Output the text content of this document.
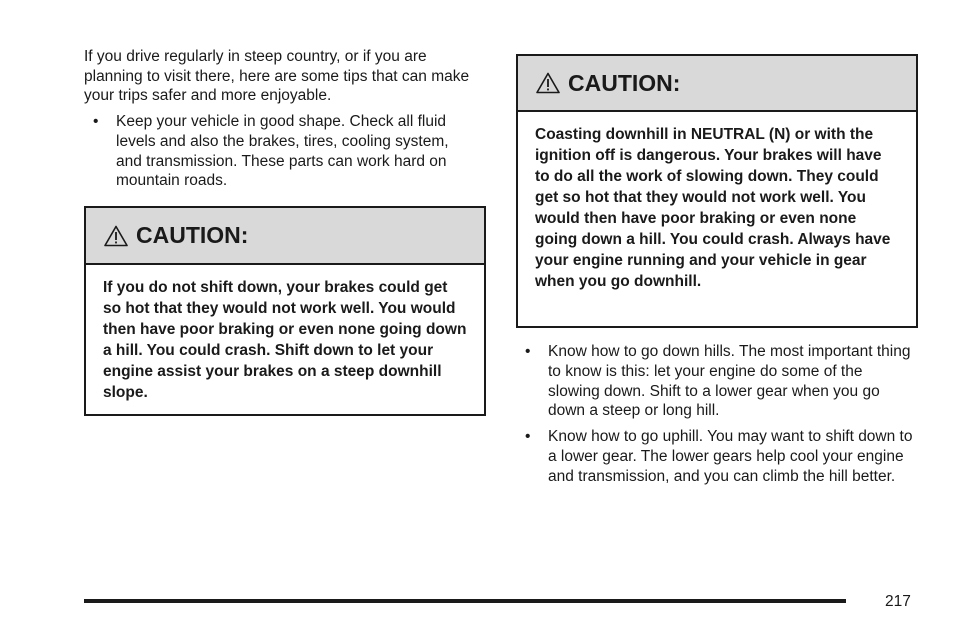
If you drive regularly in steep country, or if you are planning to visit there, here are some tips that can make your trips safer and more enjoyable.

• Keep your vehicle in good shape. Check all fluid levels and also the brakes, tires, cooling system, and transmission. These parts can work hard on mountain roads.
CAUTION:
If you do not shift down, your brakes could get so hot that they would not work well. You would then have poor braking or even none going down a hill. You could crash. Shift down to let your engine assist your brakes on a steep downhill slope.
CAUTION:
Coasting downhill in NEUTRAL (N) or with the ignition off is dangerous. Your brakes will have to do all the work of slowing down. They could get so hot that they would not work well. You would then have poor braking or even none going down a hill. You could crash. Always have your engine running and your vehicle in gear when you go downhill.
• Know how to go down hills. The most important thing to know is this: let your engine do some of the slowing down. Shift to a lower gear when you go down a steep or long hill.
• Know how to go uphill. You may want to shift down to a lower gear. The lower gears help cool your engine and transmission, and you can climb the hill better.
217
